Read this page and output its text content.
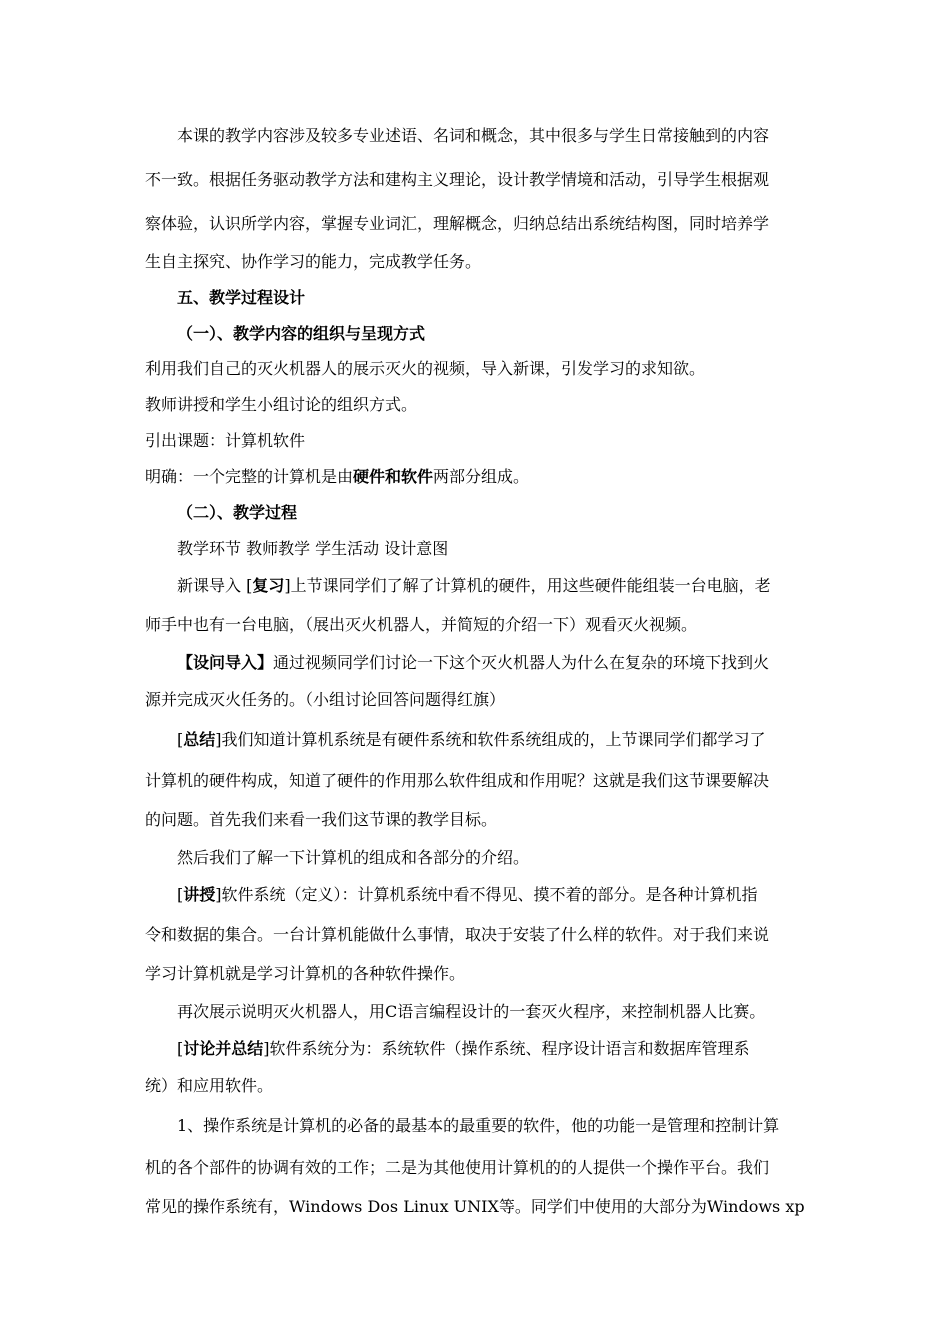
本课的教学内容涉及较多专业述语、名词和概念，其中很多与学生日常接触到的内容
不一致。根据任务驱动教学方法和建构主义理论，设计教学情境和活动，引导学生根据观
察体验，认识所学内容，掌握专业词汇，理解概念，归纳总结出系统结构图，同时培养学
生自主探究、协作学习的能力，完成教学任务。
五、教学过程设计
（一）、教学内容的组织与呈现方式
利用我们自己的灭火机器人的展示灭火的视频，导入新课，引发学习的求知欲。
教师讲授和学生小组讨论的组织方式。
引出课题：计算机软件
明确：一个完整的计算机是由硬件和软件两部分组成。
（二）、教学过程
教学环节 教师教学 学生活动 设计意图
新课导入 [复习]上节课同学们了解了计算机的硬件，用这些硬件能组装一台电脑，老
师手中也有一台电脑，（展出灭火机器人，并简短的介绍一下）观看灭火视频。
【设问导入】通过视频同学们讨论一下这个灭火机器人为什么在复杂的环境下找到火
源并完成灭火任务的。（小组讨论回答问题得红旗）
[总结]我们知道计算机系统是有硬件系统和软件系统组成的，上节课同学们都学习了
计算机的硬件构成，知道了硬件的作用那么软件组成和作用呢？这就是我们这节课要解决
的问题。首先我们来看一我们这节课的教学目标。
然后我们了解一下计算机的组成和各部分的介绍。
[讲授]软件系统（定义）：计算机系统中看不得见、摸不着的部分。是各种计算机指
令和数据的集合。一台计算机能做什么事情，取决于安装了什么样的软件。对于我们来说
学习计算机就是学习计算机的各种软件操作。
再次展示说明灭火机器人，用C语言编程设计的一套灭火程序，来控制机器人比赛。
[讨论并总结]软件系统分为：系统软件（操作系统、程序设计语言和数据库管理系
统）和应用软件。
1、操作系统是计算机的必备的最基本的最重要的软件，他的功能一是管理和控制计算
机的各个部件的协调有效的工作；二是为其他使用计算机的的人提供一个操作平台。我们
常见的操作系统有，Windows Dos Linux UNIX等。同学们中使用的大部分为Windows xp
